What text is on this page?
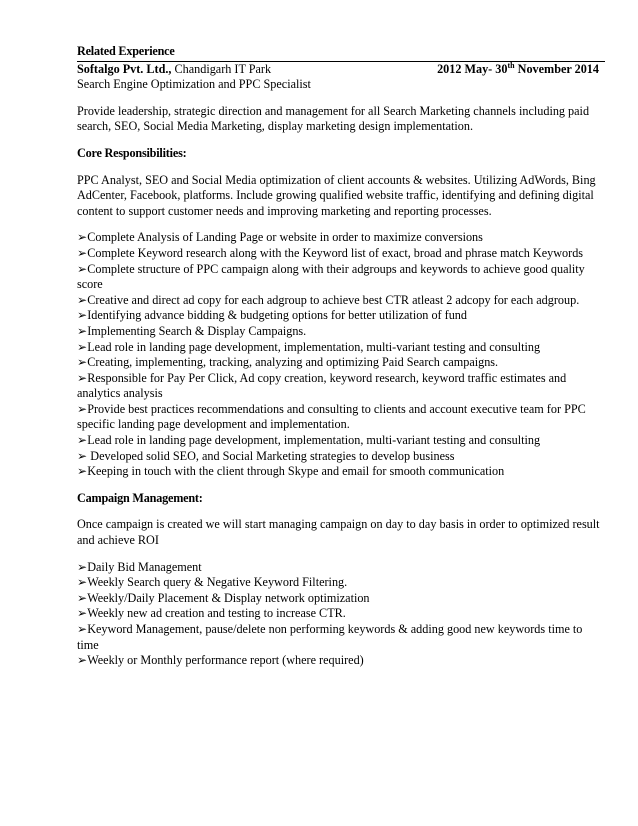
Related Experience
Softalgo Pvt. Ltd., Chandigarh IT Park	2012 May- 30th November 2014
Search Engine Optimization and PPC Specialist

Provide leadership, strategic direction and management for all Search Marketing channels including paid search, SEO, Social Media Marketing, display marketing design implementation.

Core Responsibilities:

PPC Analyst, SEO and Social Media optimization of client accounts & websites. Utilizing AdWords, Bing AdCenter, Facebook, platforms. Include growing qualified website traffic, identifying and defining digital content to support customer needs and improving marketing and reporting processes.

➢Complete Analysis of Landing Page or website in order to maximize conversions
➢Complete Keyword research along with the Keyword list of exact, broad and phrase match Keywords
➢Complete structure of PPC campaign along with their adgroups and keywords to achieve good quality score
➢Creative and direct ad copy for each adgroup to achieve best CTR atleast 2 adcopy for each adgroup.
➢Identifying advance bidding & budgeting options for better utilization of fund
➢Implementing Search & Display Campaigns.
➢Lead role in landing page development, implementation, multi-variant testing and consulting
➢Creating, implementing, tracking, analyzing and optimizing Paid Search campaigns.
➢Responsible for Pay Per Click, Ad copy creation, keyword research, keyword traffic estimates and analytics analysis
➢Provide best practices recommendations and consulting to clients and account executive team for PPC specific landing page development and implementation.
➢Lead role in landing page development, implementation, multi-variant testing and consulting
➢ Developed solid SEO, and Social Marketing strategies to develop business
➢Keeping in touch with the client through Skype and email for smooth communication
Campaign Management:

Once campaign is created we will start managing campaign on day to day basis in order to optimized result and achieve ROI

➢Daily Bid Management
➢Weekly Search query & Negative Keyword Filtering.
➢Weekly/Daily Placement & Display network optimization
➢Weekly new ad creation and testing to increase CTR.
➢Keyword Management, pause/delete non performing keywords & adding good new keywords time to time
➢Weekly or Monthly performance report (where required)
